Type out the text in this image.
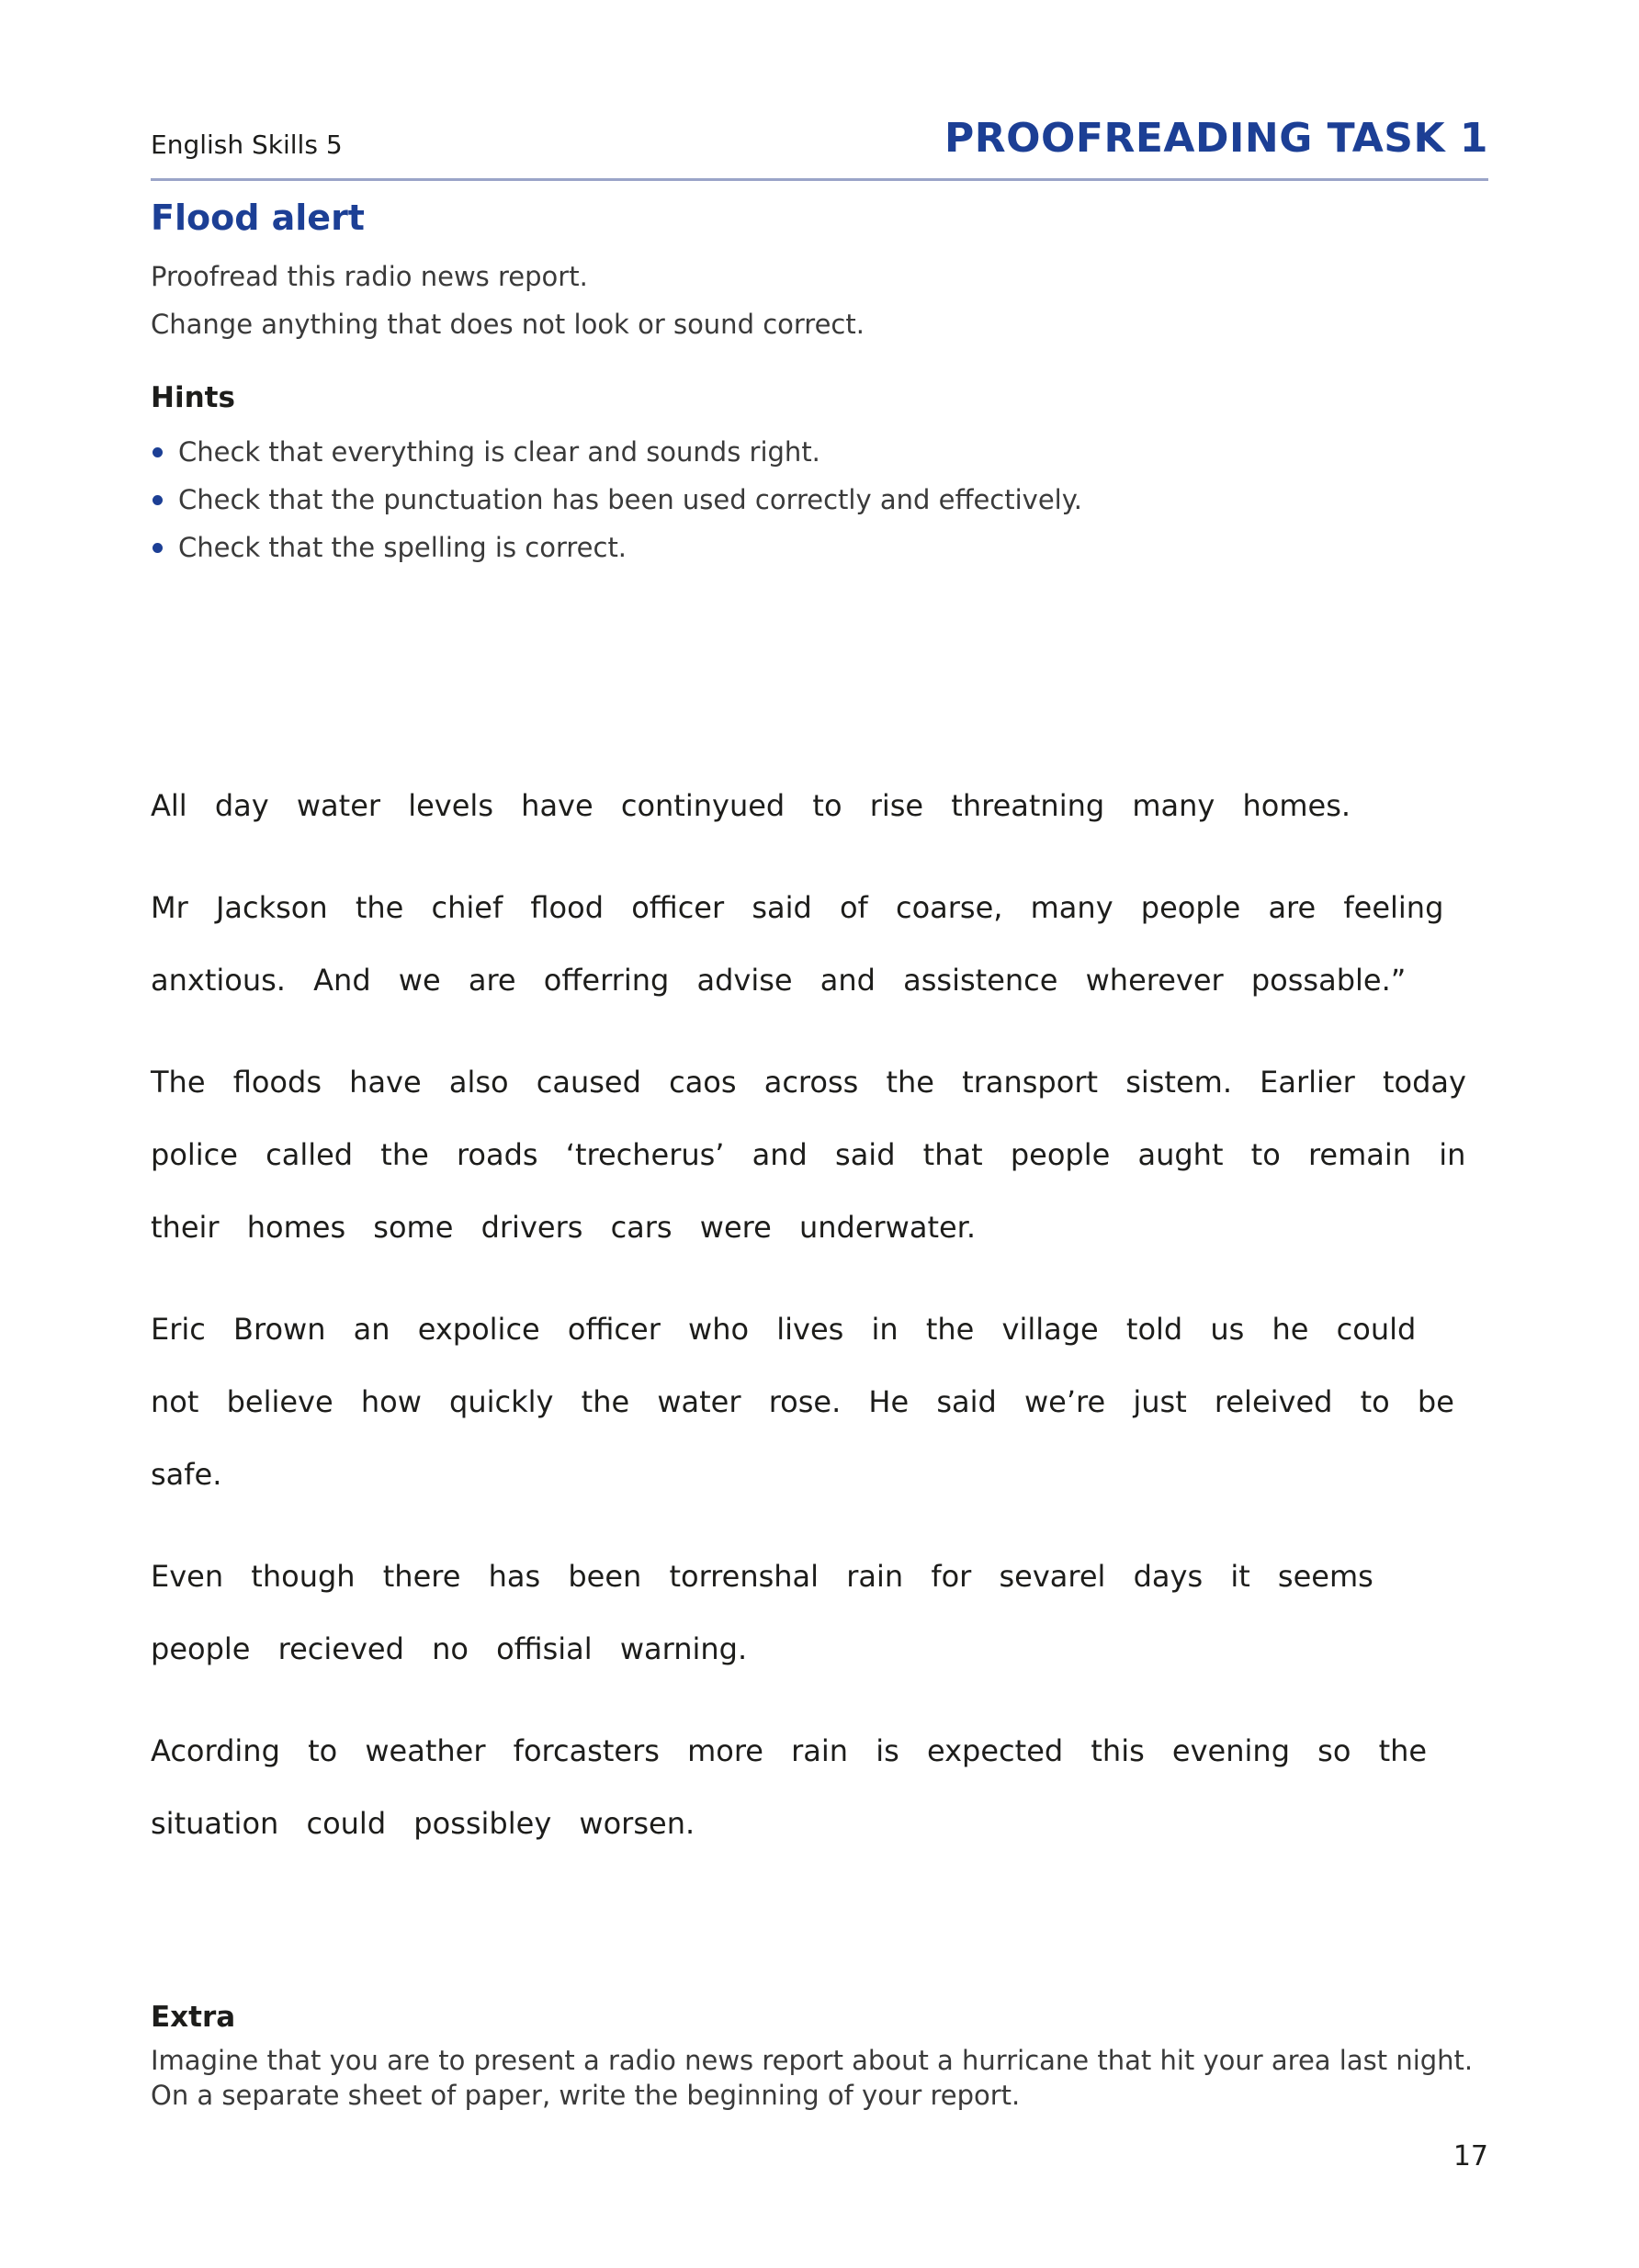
English Skills 5	PROOFREADING TASK 1
Flood alert
Proofread this radio news report.
Change anything that does not look or sound correct.
Hints
Check that everything is clear and sounds right.
Check that the punctuation has been used correctly and effectively.
Check that the spelling is correct.

All day water levels have continyued to rise threatning many homes.

Mr Jackson the chief flood officer said of coarse, many people are feeling anxtious. And we are offerring advise and assistence wherever possable.”

The floods have also caused caos across the transport sistem. Earlier today police called the roads ‘trecherus’ and said that people aught to remain in their homes some drivers cars were underwater.

Eric Brown an expolice officer who lives in the village told us he could not believe how quickly the water rose. He said we’re just releived to be safe.

Even though there has been torrenshal rain for sevarel days it seems people recieved no offisial warning.

Acording to weather forcasters more rain is expected this evening so the situation could possibley worsen.

Extra
Imagine that you are to present a radio news report about a hurricane that hit your area last night.
On a separate sheet of paper, write the beginning of your report.
17
